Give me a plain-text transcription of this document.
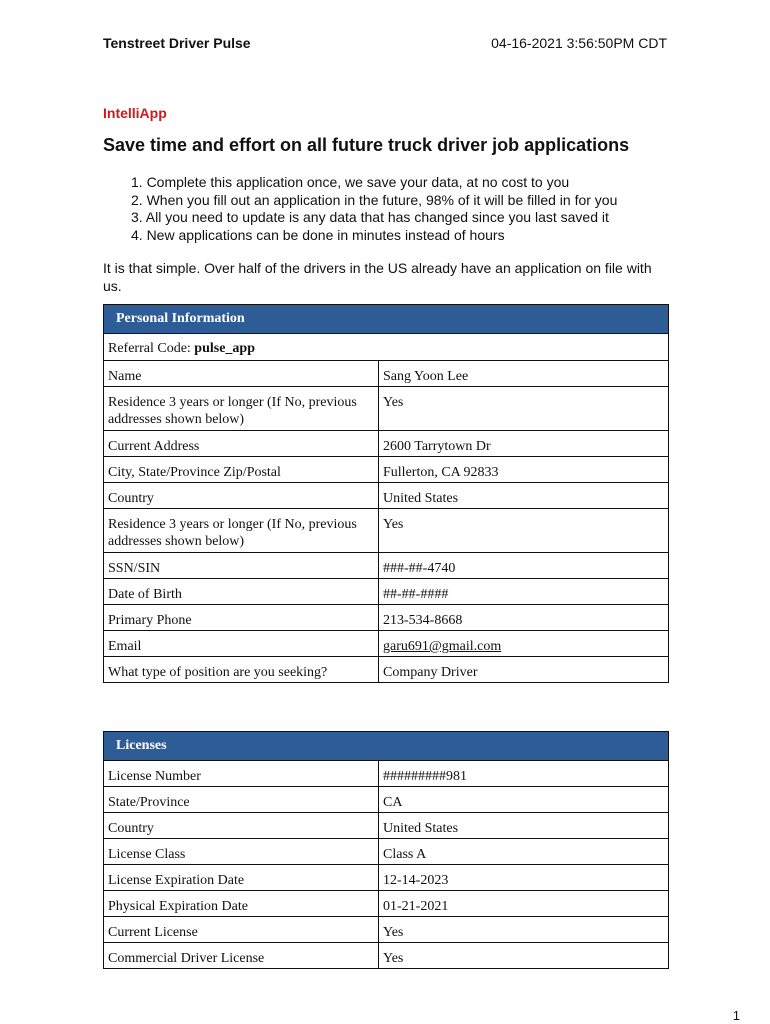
Tenstreet Driver Pulse	04-16-2021 3:56:50PM CDT
IntelliApp
Save time and effort on all future truck driver job applications
1. Complete this application once, we save your data, at no cost to you
2. When you fill out an application in the future, 98% of it will be filled in for you
3. All you need to update is any data that has changed since you last saved it
4. New applications can be done in minutes instead of hours

It is that simple. Over half of the drivers in the US already have an application on file with us.

Personal Information	
Referral Code: pulse_app	
Name	Sang Yoon Lee
Residence 3 years or longer (If No, previous addresses shown below)	Yes
Current Address	2600 Tarrytown Dr
City, State/Province Zip/Postal	Fullerton, CA 92833
Country	United States
Residence 3 years or longer (If No, previous addresses shown below)	Yes
SSN/SIN	###-##-4740
Date of Birth	##-##-####
Primary Phone	213-534-8668
Email	garu691@gmail.com
What type of position are you seeking?	Company Driver
Licenses	
License Number	#########981
State/Province	CA
Country	United States
License Class	Class A
License Expiration Date	12-14-2023
Physical Expiration Date	01-21-2021
Current License	Yes
Commercial Driver License	Yes
1
